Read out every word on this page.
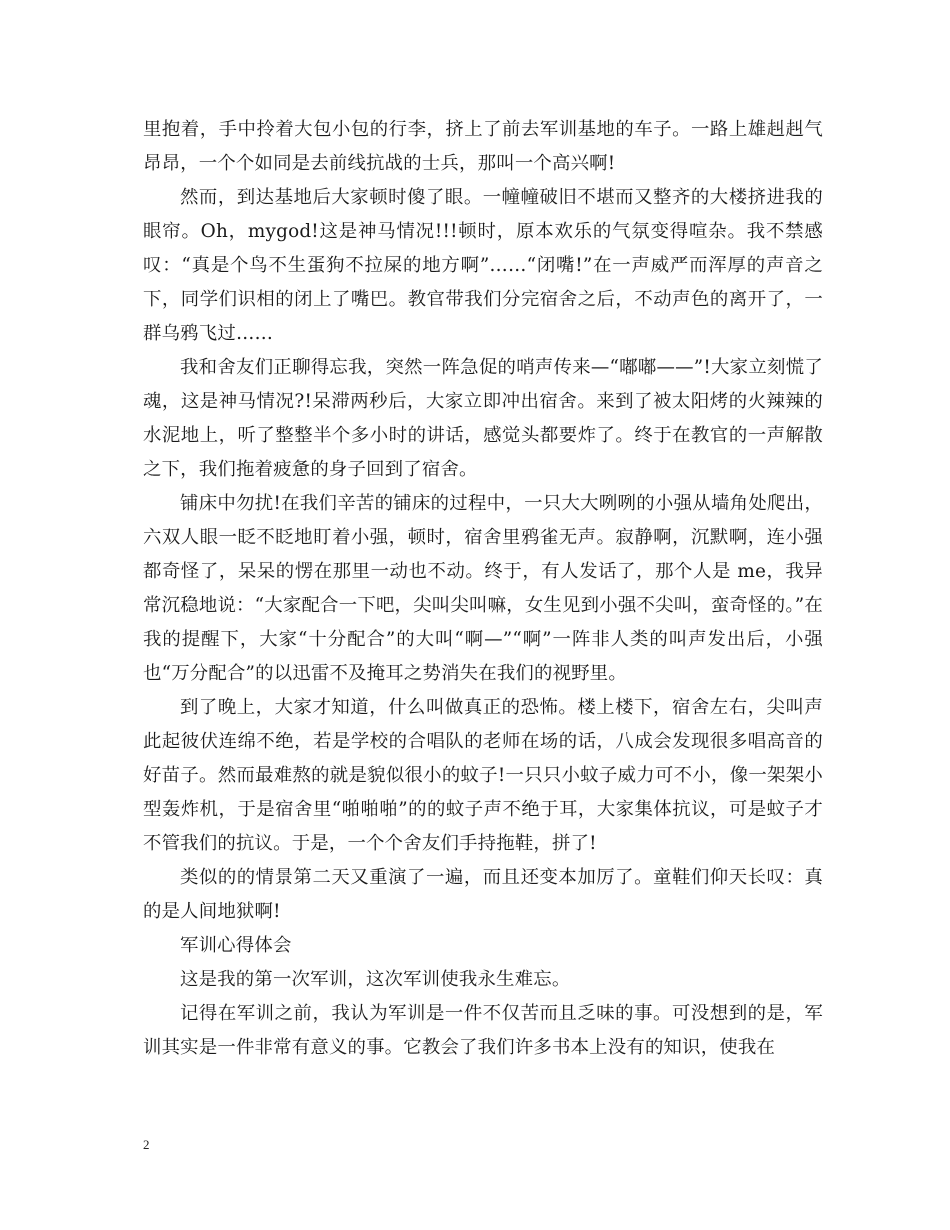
里抱着，手中拎着大包小包的行李，挤上了前去军训基地的车子。一路上雄赳赳气昂昂，一个个如同是去前线抗战的士兵，那叫一个高兴啊!

然而，到达基地后大家顿时傻了眼。一幢幢破旧不堪而又整齐的大楼挤进我的眼帘。Oh，mygod!这是神马情况!!!顿时，原本欢乐的气氛变得喧杂。我不禁感叹：“真是个鸟不生蛋狗不拉屎的地方啊”……“闭嘴!”在一声威严而浑厚的声音之下，同学们识相的闭上了嘴巴。教官带我们分完宿舍之后，不动声色的离开了，一群乌鸦飞过……

我和舍友们正聊得忘我，突然一阵急促的哨声传来—“嘟嘟——”!大家立刻慌了魂，这是神马情况?!呆滞两秒后，大家立即冲出宿舍。来到了被太阳烤的火辣辣的水泥地上，听了整整半个多小时的讲话，感觉头都要炸了。终于在教官的一声解散之下，我们拖着疲惫的身子回到了宿舍。

铺床中勿扰!在我们辛苦的铺床的过程中，一只大大咧咧的小强从墙角处爬出，六双人眼一眨不眨地盯着小强，顿时，宿舍里鸦雀无声。寂静啊，沉默啊，连小强都奇怪了，呆呆的愣在那里一动也不动。终于，有人发话了，那个人是 me，我异常沉稳地说：“大家配合一下吧，尖叫尖叫嘛，女生见到小强不尖叫，蛮奇怪的。”在我的提醒下，大家“十分配合”的大叫“啊—”“啊”一阵非人类的叫声发出后，小强也“万分配合”的以迅雷不及掩耳之势消失在我们的视野里。

到了晚上，大家才知道，什么叫做真正的恐怖。楼上楼下，宿舍左右，尖叫声此起彼伏连绵不绝，若是学校的合唱队的老师在场的话，八成会发现很多唱高音的好苗子。然而最难熬的就是貌似很小的蚊子!一只只小蚊子威力可不小，像一架架小型轰炸机，于是宿舍里“啪啪啪”的的蚊子声不绝于耳，大家集体抗议，可是蚊子才不管我们的抗议。于是，一个个舍友们手持拖鞋，拼了!

类似的的情景第二天又重演了一遍，而且还变本加厉了。童鞋们仰天长叹：真的是人间地狱啊!

军训心得体会

这是我的第一次军训，这次军训使我永生难忘。

记得在军训之前，我认为军训是一件不仅苦而且乏味的事。可没想到的是，军训其实是一件非常有意义的事。它教会了我们许多书本上没有的知识，使我在

2
